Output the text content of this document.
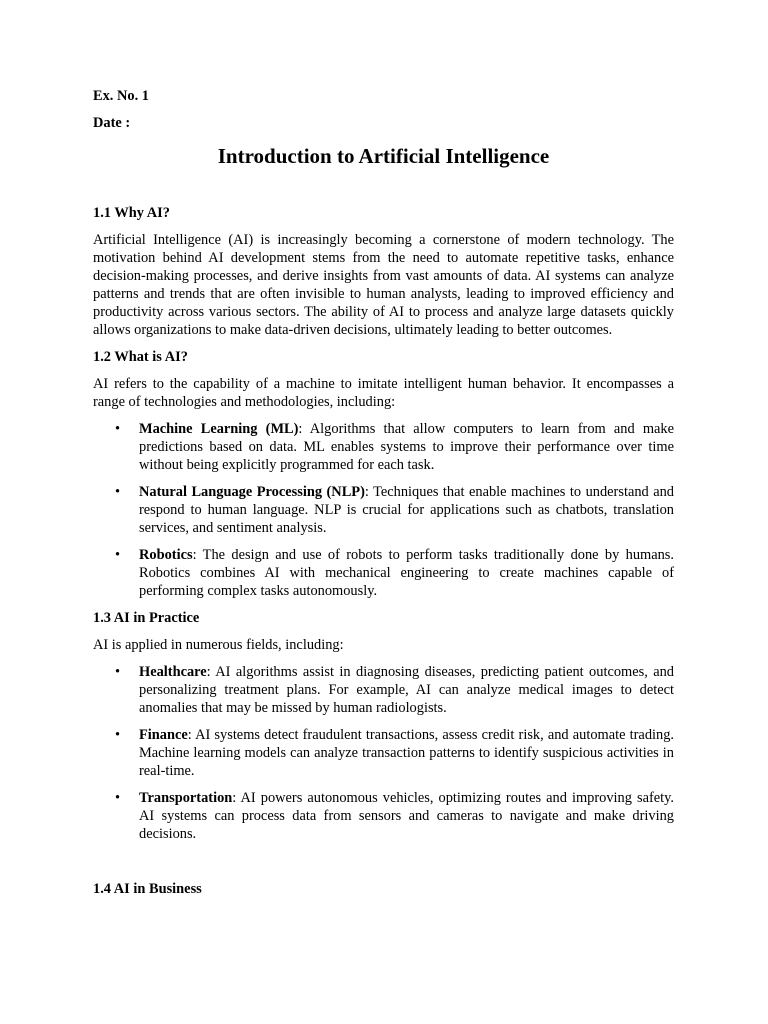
Ex. No. 1
Date :
Introduction to Artificial Intelligence
1.1 Why AI?

Artificial Intelligence (AI) is increasingly becoming a cornerstone of modern technology. The motivation behind AI development stems from the need to automate repetitive tasks, enhance decision-making processes, and derive insights from vast amounts of data. AI systems can analyze patterns and trends that are often invisible to human analysts, leading to improved efficiency and productivity across various sectors. The ability of AI to process and analyze large datasets quickly allows organizations to make data-driven decisions, ultimately leading to better outcomes.

1.2 What is AI?

AI refers to the capability of a machine to imitate intelligent human behavior. It encompasses a range of technologies and methodologies, including:

• Machine Learning (ML): Algorithms that allow computers to learn from and make predictions based on data. ML enables systems to improve their performance over time without being explicitly programmed for each task.
• Natural Language Processing (NLP): Techniques that enable machines to understand and respond to human language. NLP is crucial for applications such as chatbots, translation services, and sentiment analysis.
• Robotics: The design and use of robots to perform tasks traditionally done by humans. Robotics combines AI with mechanical engineering to create machines capable of performing complex tasks autonomously.
1.3 AI in Practice

AI is applied in numerous fields, including:

• Healthcare: AI algorithms assist in diagnosing diseases, predicting patient outcomes, and personalizing treatment plans. For example, AI can analyze medical images to detect anomalies that may be missed by human radiologists.
• Finance: AI systems detect fraudulent transactions, assess credit risk, and automate trading. Machine learning models can analyze transaction patterns to identify suspicious activities in real-time.
• Transportation: AI powers autonomous vehicles, optimizing routes and improving safety. AI systems can process data from sensors and cameras to navigate and make driving decisions.
1.4 AI in Business
